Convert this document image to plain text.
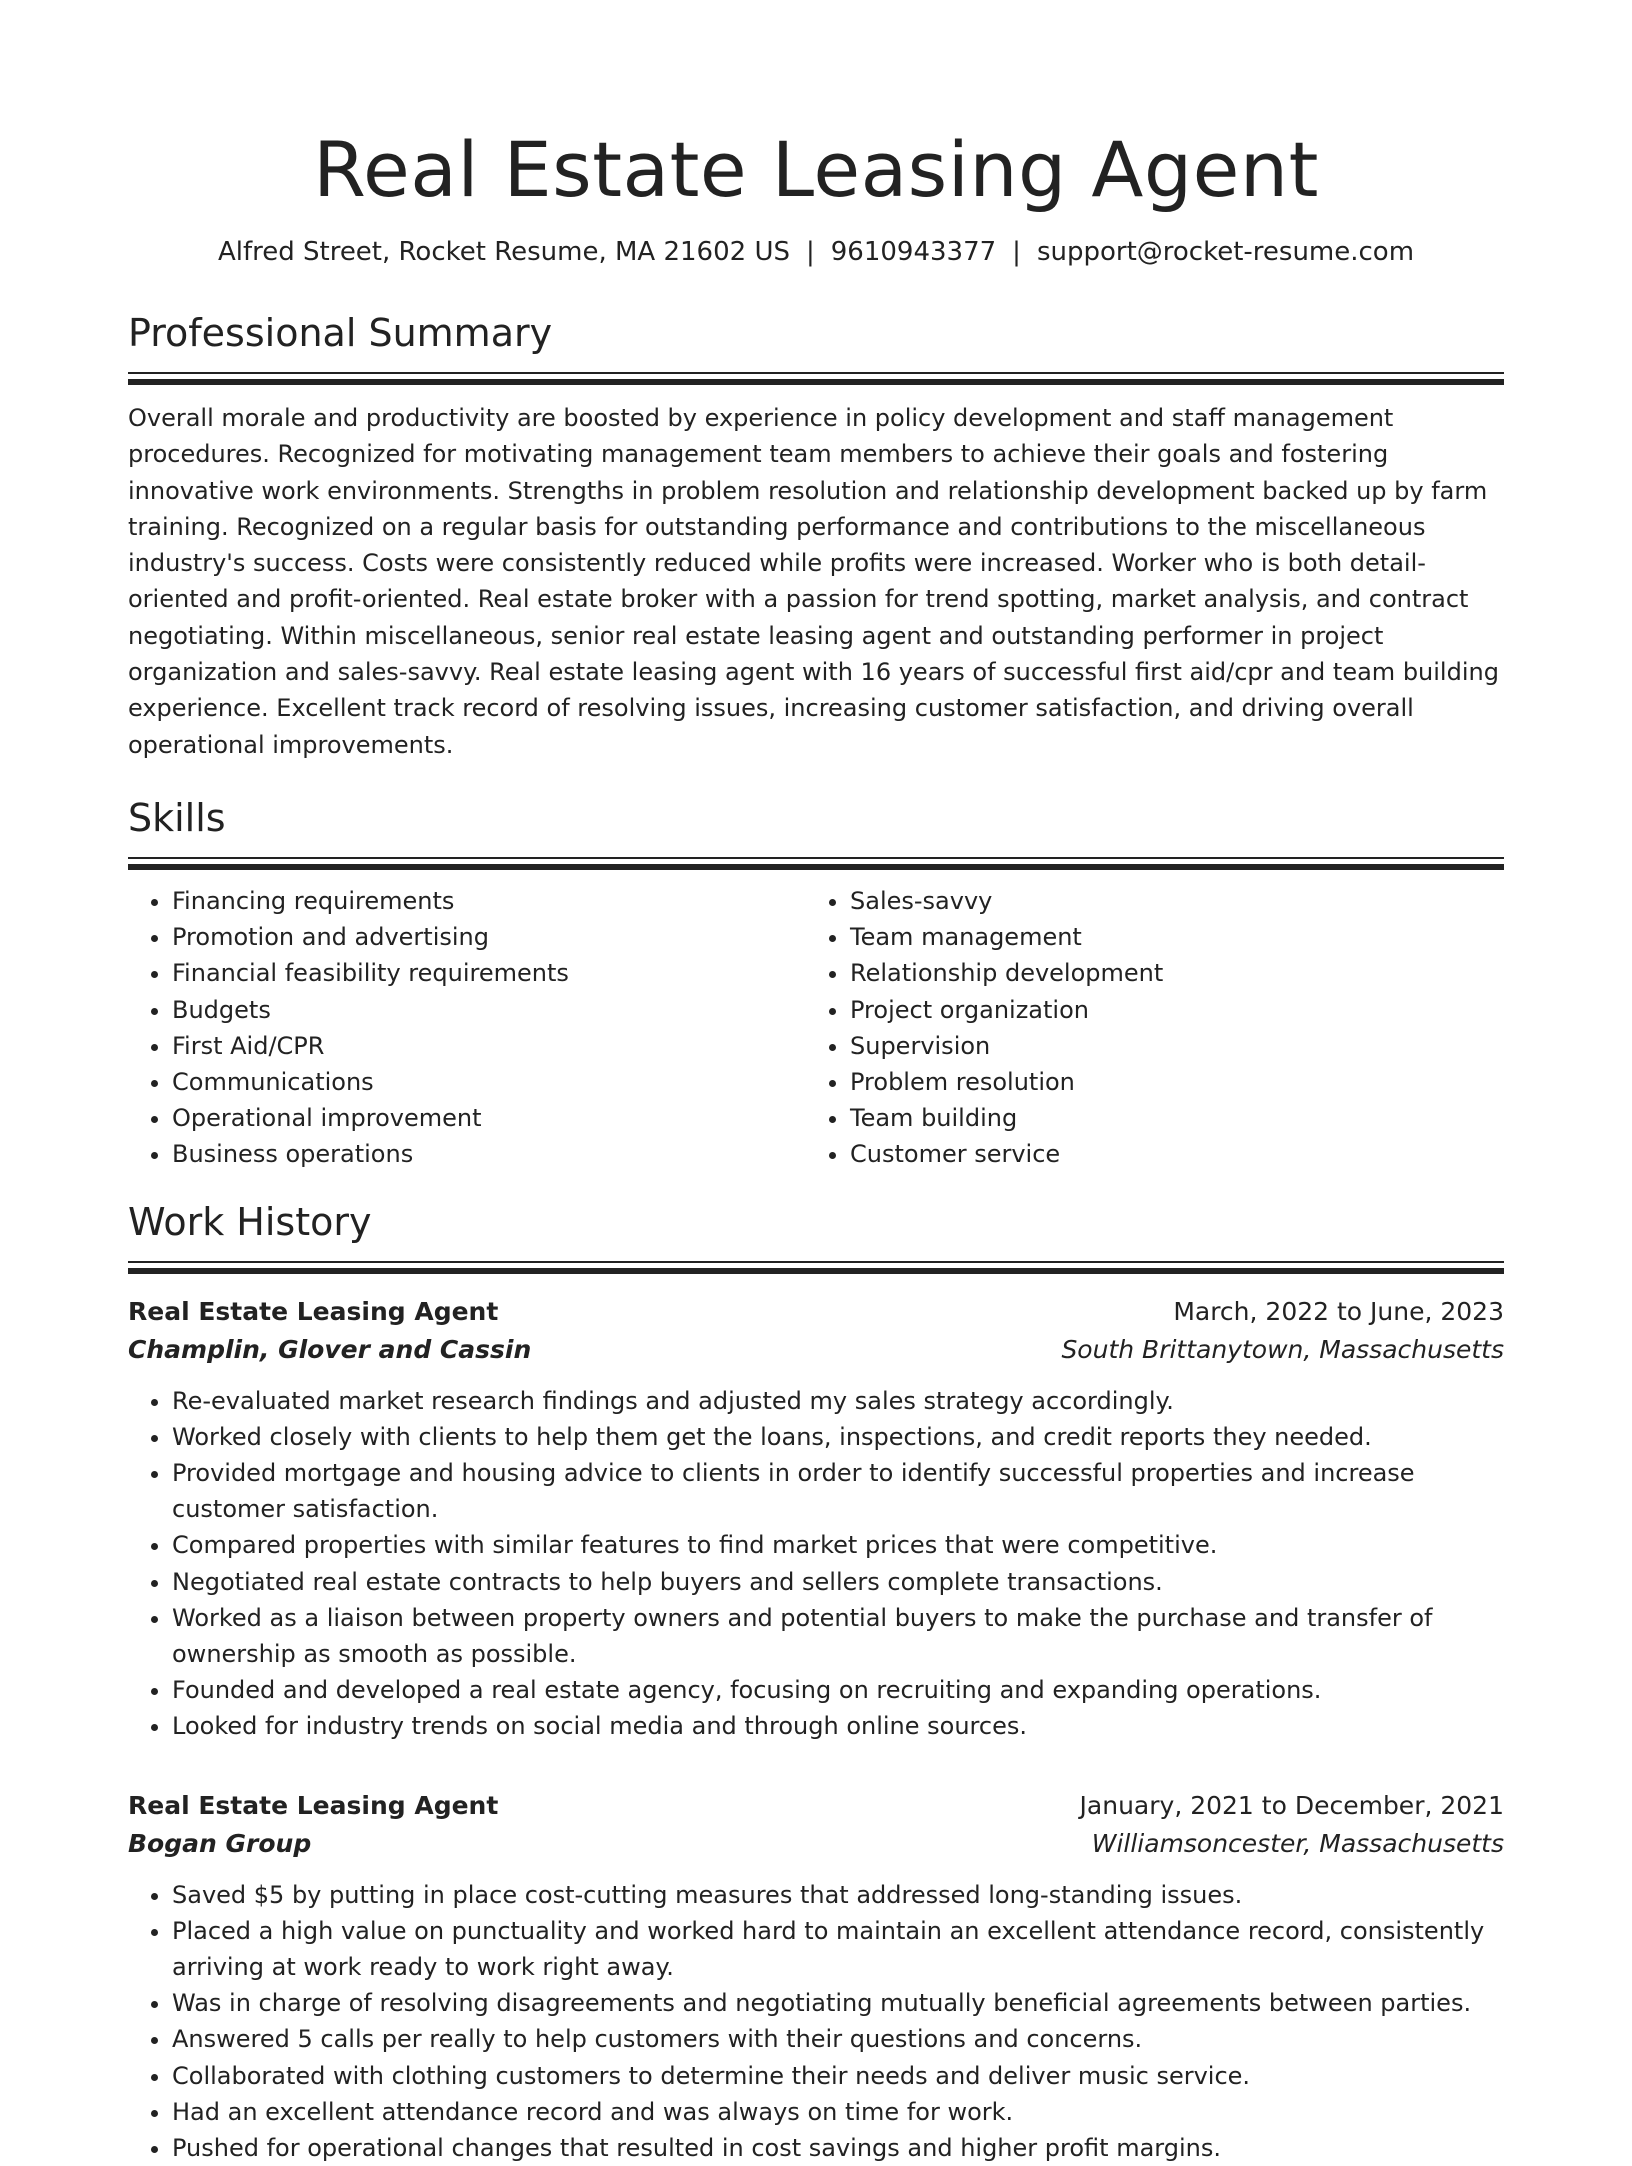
Real Estate Leasing Agent
Alfred Street, Rocket Resume, MA 21602 US | 9610943377 | support@rocket-resume.com
Professional Summary

Overall morale and productivity are boosted by experience in policy development and staff management procedures. Recognized for motivating management team members to achieve their goals and fostering innovative work environments. Strengths in problem resolution and relationship development backed up by farm training. Recognized on a regular basis for outstanding performance and contributions to the miscellaneous industry's success. Costs were consistently reduced while profits were increased. Worker who is both detail-oriented and profit-oriented. Real estate broker with a passion for trend spotting, market analysis, and contract negotiating. Within miscellaneous, senior real estate leasing agent and outstanding performer in project organization and sales-savvy. Real estate leasing agent with 16 years of successful first aid/cpr and team building experience. Excellent track record of resolving issues, increasing customer satisfaction, and driving overall operational improvements.

Skills
• Financing requirements
• Promotion and advertising
• Financial feasibility requirements
• Budgets
• First Aid/CPR
• Communications
• Operational improvement
• Business operations
• Sales-savvy
• Team management
• Relationship development
• Project organization
• Supervision
• Problem resolution
• Team building
• Customer service
Work History
Real Estate Leasing Agent	March, 2022 to June, 2023
Champlin, Glover and Cassin	South Brittanytown, Massachusetts
• Re-evaluated market research findings and adjusted my sales strategy accordingly.
• Worked closely with clients to help them get the loans, inspections, and credit reports they needed.
• Provided mortgage and housing advice to clients in order to identify successful properties and increase customer satisfaction.
• Compared properties with similar features to find market prices that were competitive.
• Negotiated real estate contracts to help buyers and sellers complete transactions.
• Worked as a liaison between property owners and potential buyers to make the purchase and transfer of ownership as smooth as possible.
• Founded and developed a real estate agency, focusing on recruiting and expanding operations.
• Looked for industry trends on social media and through online sources.
Real Estate Leasing Agent	January, 2021 to December, 2021
Bogan Group	Williamsoncester, Massachusetts
• Saved $5 by putting in place cost-cutting measures that addressed long-standing issues.
• Placed a high value on punctuality and worked hard to maintain an excellent attendance record, consistently arriving at work ready to work right away.
• Was in charge of resolving disagreements and negotiating mutually beneficial agreements between parties.
• Answered 5 calls per really to help customers with their questions and concerns.
• Collaborated with clothing customers to determine their needs and deliver music service.
• Had an excellent attendance record and was always on time for work.
• Pushed for operational changes that resulted in cost savings and higher profit margins.
